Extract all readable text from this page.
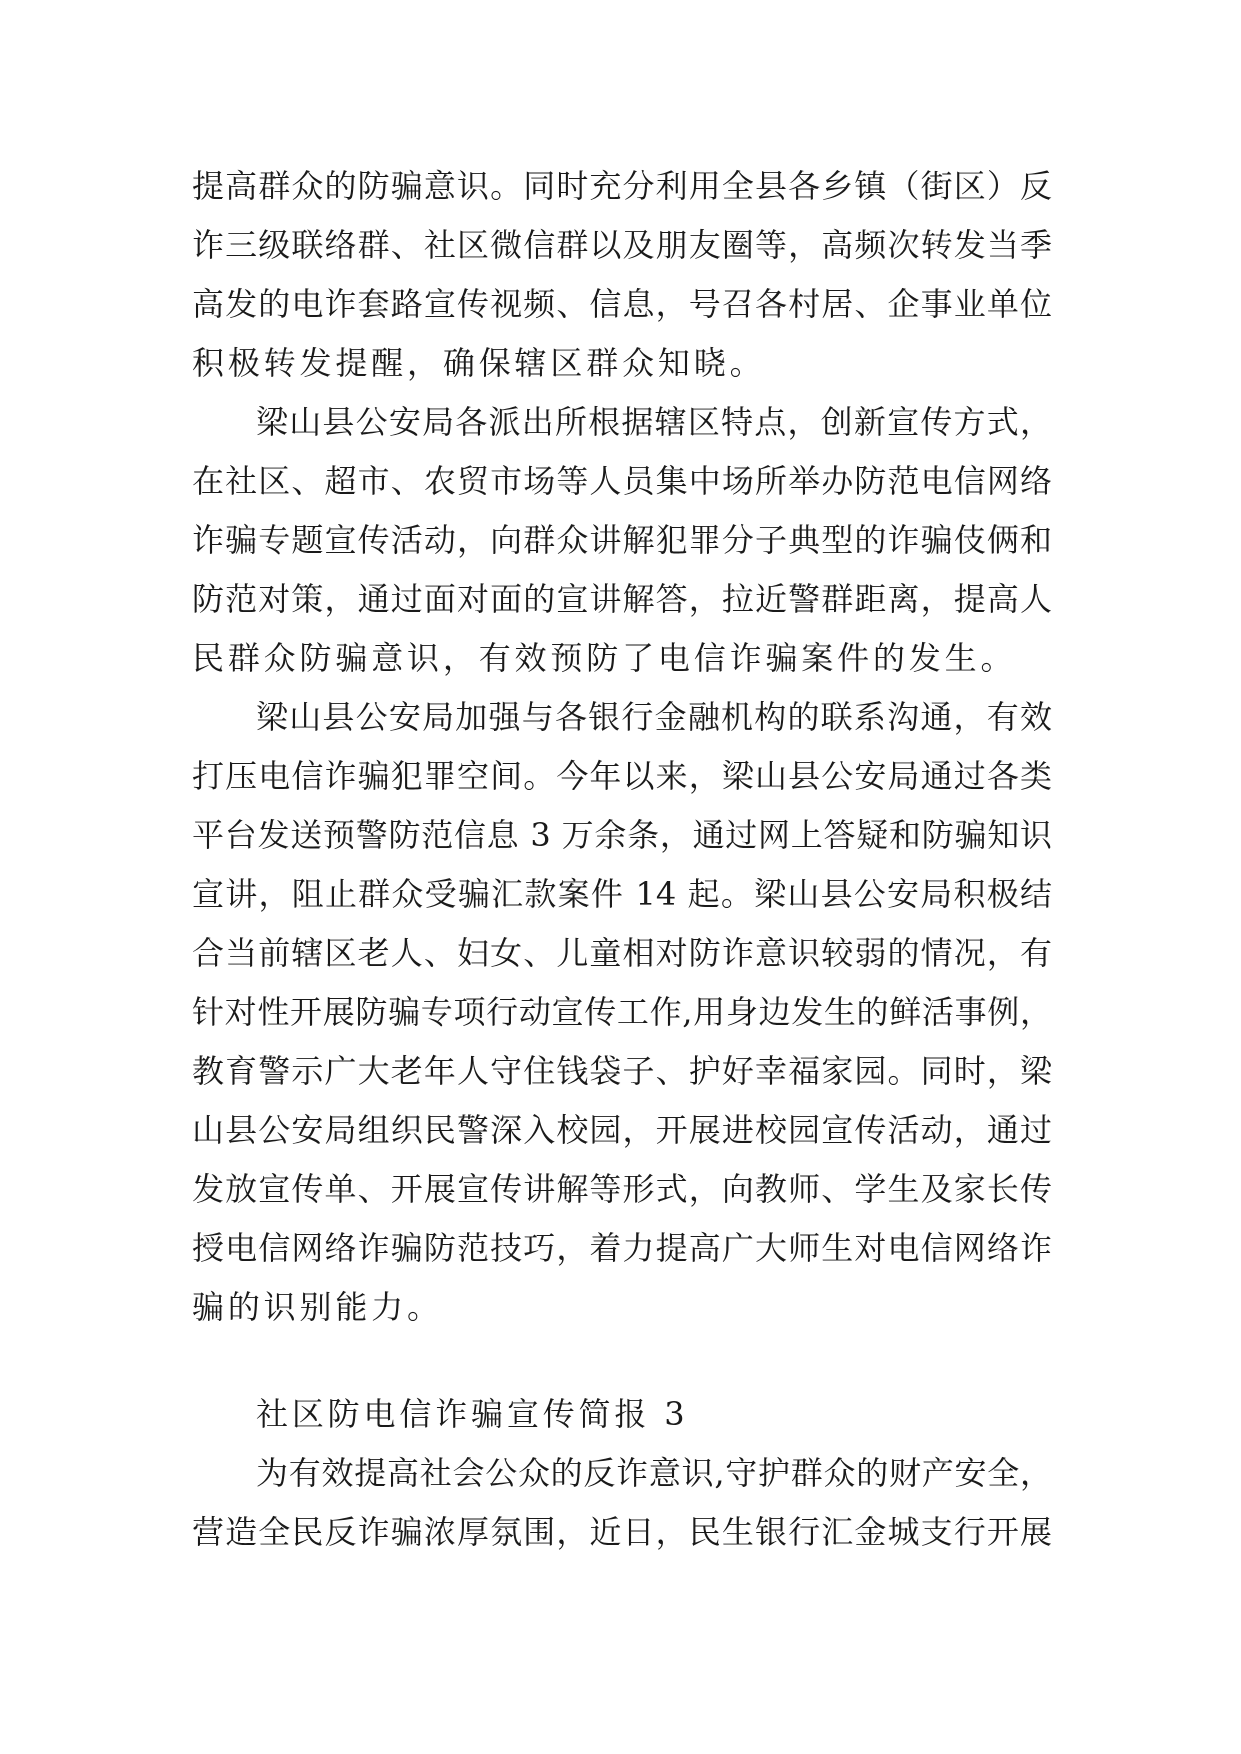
提高群众的防骗意识。同时充分利用全县各乡镇（街区）反
诈三级联络群、社区微信群以及朋友圈等，高频次转发当季
高发的电诈套路宣传视频、信息，号召各村居、企事业单位
积极转发提醒，确保辖区群众知晓。
梁山县公安局各派出所根据辖区特点，创新宣传方式，
在社区、超市、农贸市场等人员集中场所举办防范电信网络
诈骗专题宣传活动，向群众讲解犯罪分子典型的诈骗伎俩和
防范对策，通过面对面的宣讲解答，拉近警群距离，提高人
民群众防骗意识，有效预防了电信诈骗案件的发生。
梁山县公安局加强与各银行金融机构的联系沟通，有效
打压电信诈骗犯罪空间。今年以来，梁山县公安局通过各类
平台发送预警防范信息 3 万余条，通过网上答疑和防骗知识
宣讲，阻止群众受骗汇款案件 14 起。梁山县公安局积极结
合当前辖区老人、妇女、儿童相对防诈意识较弱的情况，有
针对性开展防骗专项行动宣传工作,用身边发生的鲜活事例，
教育警示广大老年人守住钱袋子、护好幸福家园。同时，梁
山县公安局组织民警深入校园，开展进校园宣传活动，通过
发放宣传单、开展宣传讲解等形式，向教师、学生及家长传
授电信网络诈骗防范技巧，着力提高广大师生对电信网络诈
骗的识别能力。
社区防电信诈骗宣传简报 3
为有效提高社会公众的反诈意识,守护群众的财产安全，
营造全民反诈骗浓厚氛围，近日，民生银行汇金城支行开展
